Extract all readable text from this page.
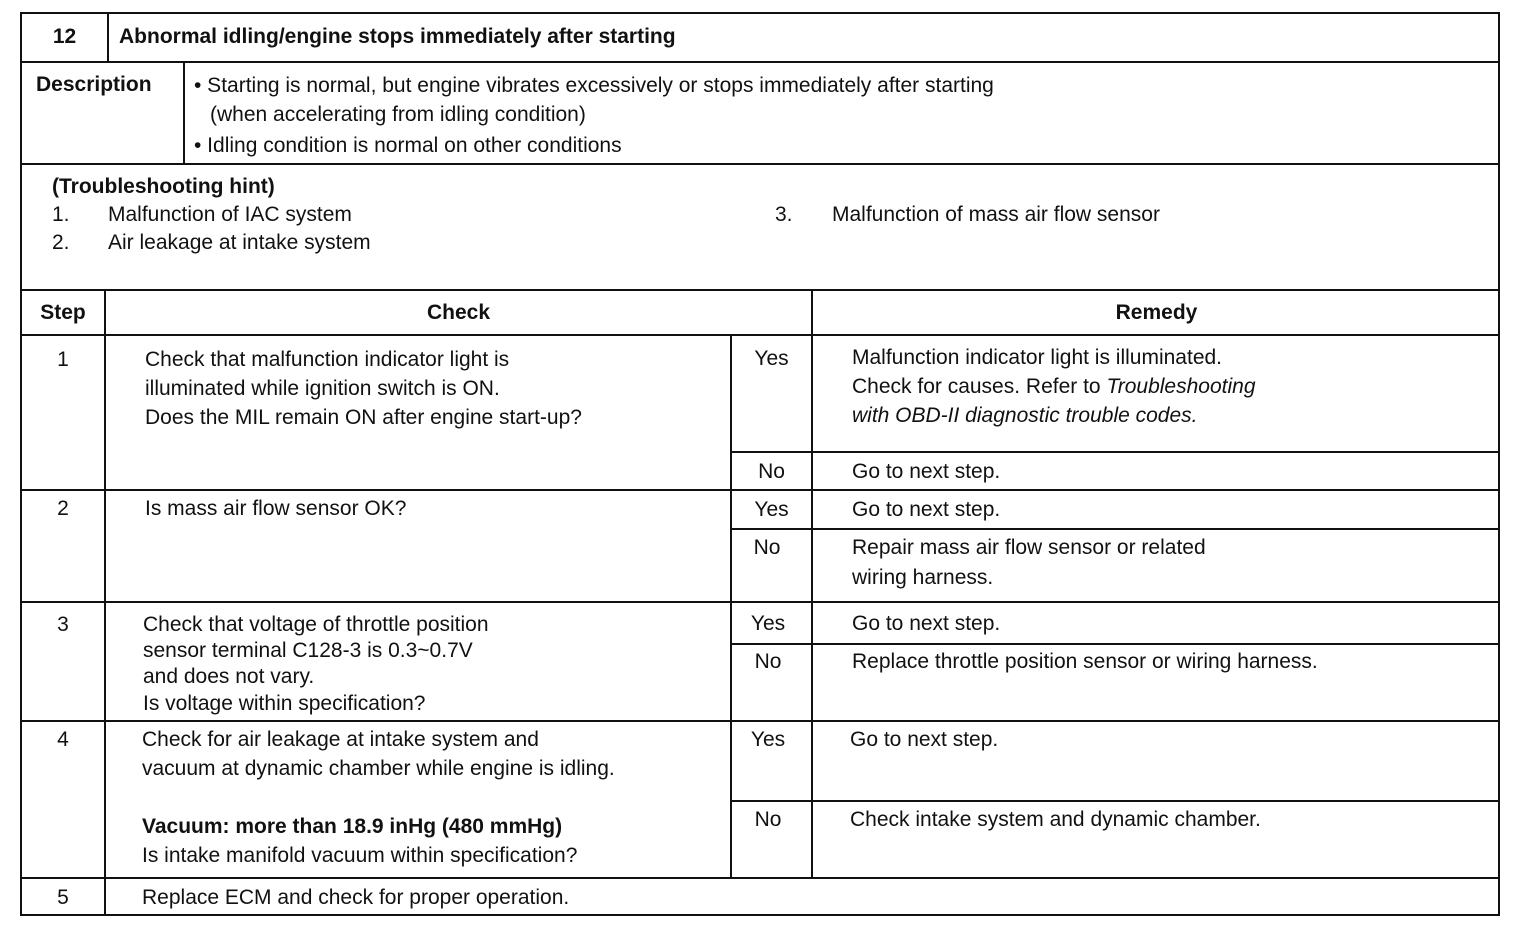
12	Abnormal idling/engine stops immediately after starting
Description • Starting is normal, but engine vibrates excessively or stops immediately after starting
(when accelerating from idling condition)
• Idling condition is normal on other conditions
(Troubleshooting hint)
1. Malfunction of IAC system
2. Air leakage at intake system
3. Malfunction of mass air flow sensor
Step	Check	Remedy
1	Check that malfunction indicator light is
illuminated while ignition switch is ON.
Does the MIL remain ON after engine start-up?
Yes	Malfunction indicator light is illuminated.
Check for causes. Refer to Troubleshooting
with OBD-II diagnostic trouble codes.
No	Go to next step.
2	Is mass air flow sensor OK?	Yes	Go to next step.
No	Repair mass air flow sensor or related
wiring harness.
3	Check that voltage of throttle position
sensor terminal C128-3 is 0.3~0.7V
and does not vary.
Is voltage within specification?
Yes	Go to next step.
No	Replace throttle position sensor or wiring harness.
4	Check for air leakage at intake system and
vacuum at dynamic chamber while engine is idling.
Vacuum: more than 18.9 inHg (480 mmHg)
Is intake manifold vacuum within specification?
Yes	Go to next step.
No	Check intake system and dynamic chamber.
5	Replace ECM and check for proper operation.
